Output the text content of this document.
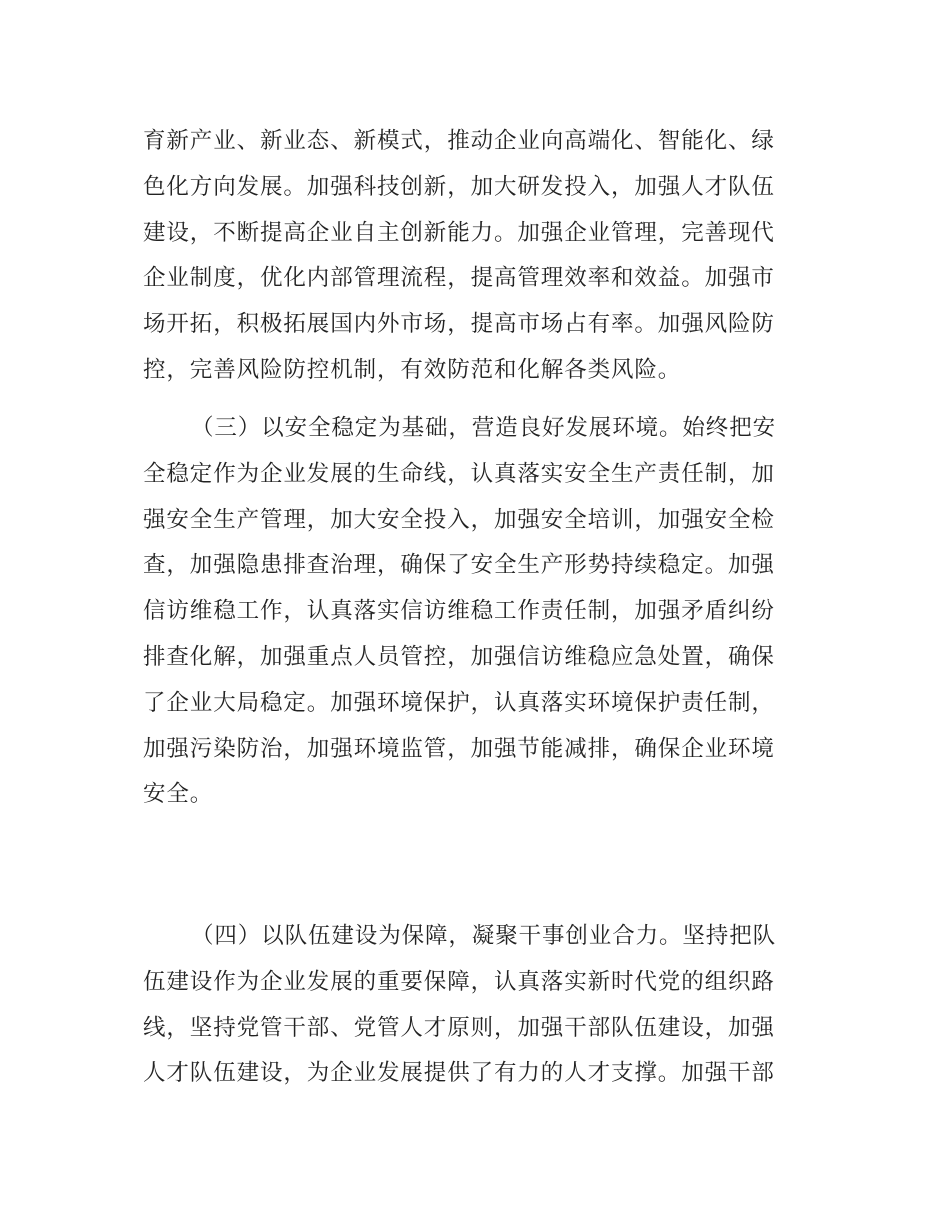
育新产业、新业态、新模式，推动企业向高端化、智能化、绿
色化方向发展。加强科技创新，加大研发投入，加强人才队伍
建设，不断提高企业自主创新能力。加强企业管理，完善现代
企业制度，优化内部管理流程，提高管理效率和效益。加强市
场开拓，积极拓展国内外市场，提高市场占有率。加强风险防
控，完善风险防控机制，有效防范和化解各类风险。

（三）以安全稳定为基础，营造良好发展环境。始终把安
全稳定作为企业发展的生命线，认真落实安全生产责任制，加
强安全生产管理，加大安全投入，加强安全培训，加强安全检
查，加强隐患排查治理，确保了安全生产形势持续稳定。加强
信访维稳工作，认真落实信访维稳工作责任制，加强矛盾纠纷
排查化解，加强重点人员管控，加强信访维稳应急处置，确保
了企业大局稳定。加强环境保护，认真落实环境保护责任制，
加强污染防治，加强环境监管，加强节能减排，确保企业环境
安全。

（四）以队伍建设为保障，凝聚干事创业合力。坚持把队
伍建设作为企业发展的重要保障，认真落实新时代党的组织路
线，坚持党管干部、党管人才原则，加强干部队伍建设，加强
人才队伍建设，为企业发展提供了有力的人才支撑。加强干部
